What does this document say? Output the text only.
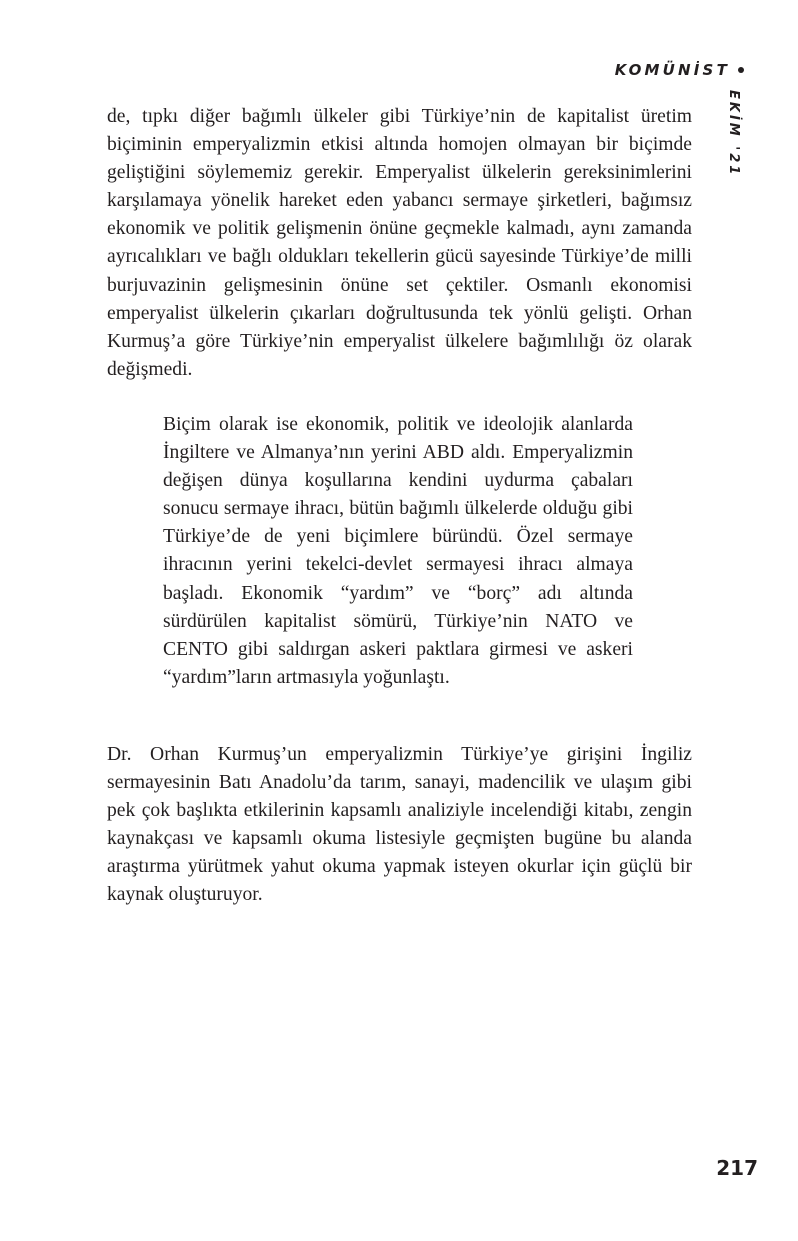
KOMÜNİST
EKİM '21

de, tıpkı diğer bağımlı ülkeler gibi Türkiye’nin de kapitalist üretim biçiminin emperyalizmin etkisi altında homojen olmayan bir biçimde geliştiğini söylememiz gerekir. Emperyalist ülkelerin gereksinimlerini karşılamaya yönelik hareket eden yabancı sermaye şirketleri, bağımsız ekonomik ve politik gelişmenin önüne geçmekle kalmadı, aynı zamanda ayrıcalıkları ve bağlı oldukları tekellerin gücü sayesinde Türkiye’de milli burjuvazinin gelişmesinin önüne set çektiler. Osmanlı ekonomisi emperyalist ülkelerin çıkarları doğrultusunda tek yönlü gelişti. Orhan Kurmuş’a göre Türkiye’nin emperyalist ülkelere bağımlılığı öz olarak değişmedi.

Biçim olarak ise ekonomik, politik ve ideolojik alanlarda İngiltere ve Almanya’nın yerini ABD aldı. Emperyalizmin değişen dünya koşullarına kendini uydurma çabaları sonucu sermaye ihracı, bütün bağımlı ülkelerde olduğu gibi Türkiye’de de yeni biçimlere büründü. Özel sermaye ihracının yerini tekelci-devlet sermayesi ihracı almaya başladı. Ekonomik “yardım” ve “borç” adı altında sürdürülen kapitalist sömürü, Türkiye’nin NATO ve CENTO gibi saldırgan askeri paktlara girmesi ve askeri “yardım”ların artmasıyla yoğunlaştı.

Dr. Orhan Kurmuş’un emperyalizmin Türkiye’ye girişini İngiliz sermayesinin Batı Anadolu’da tarım, sanayi, madencilik ve ulaşım gibi pek çok başlıkta etkilerinin kapsamlı analiziyle incelendiği kitabı, zengin kaynakçası ve kapsamlı okuma listesiyle geçmişten bugüne bu alanda araştırma yürütmek yahut okuma yapmak isteyen okurlar için güçlü bir kaynak oluşturuyor.

217
